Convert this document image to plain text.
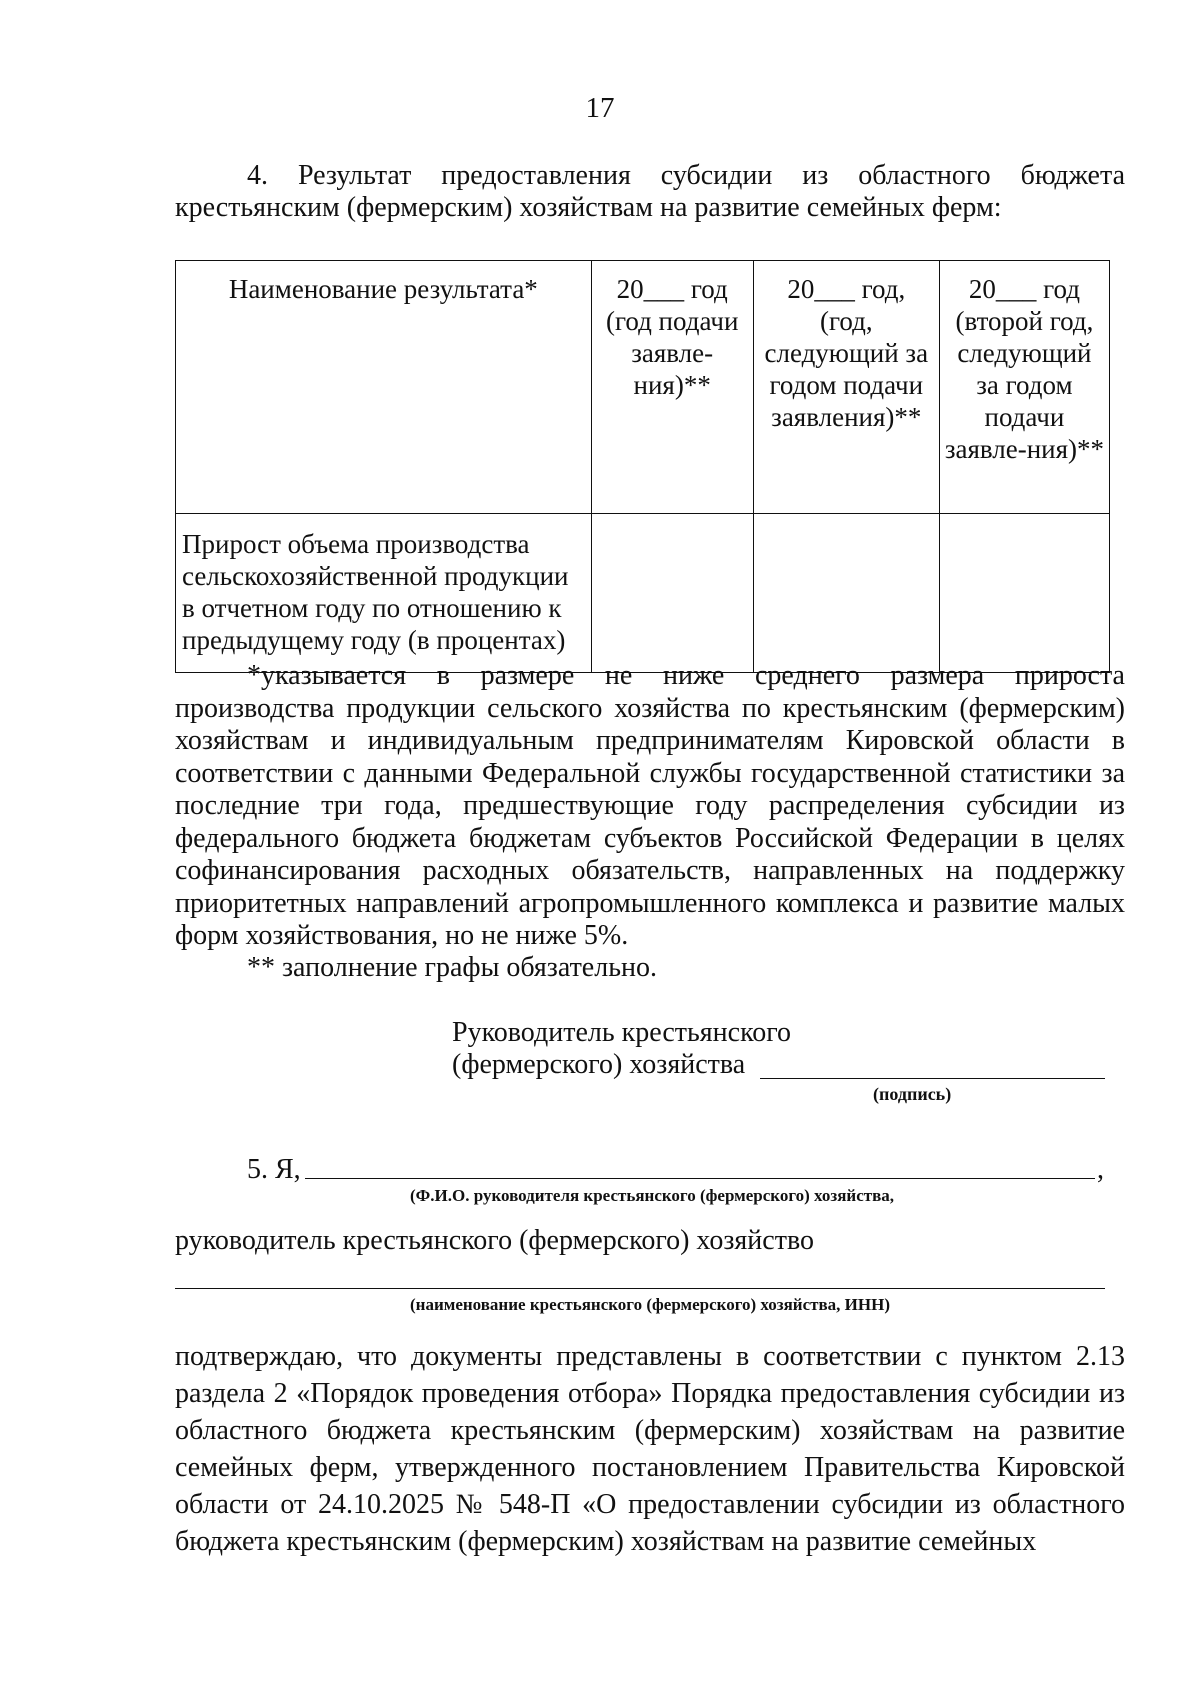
17
4. Результат предоставления субсидии из областного бюджета крестьянским (фермерским) хозяйствам на развитие семейных ферм:
Наименование результата*	20___ год (год подачи заявле-ния)**	20___ год, (год, следующий за годом подачи заявления)**	20___ год (второй год, следующий за годом подачи заявле-ния)**
Прирост объема производства сельскохозяйственной продукции в отчетном году по отношению к предыдущему году (в процентах)			
*указывается в размере не ниже среднего размера прироста производства продукции сельского хозяйства по крестьянским (фермерским) хозяйствам и индивидуальным предпринимателям Кировской области в соответствии с данными Федеральной службы государственной статистики за последние три года, предшествующие году распределения субсидии из федерального бюджета бюджетам субъектов Российской Федерации в целях софинансирования расходных обязательств, направленных на поддержку приоритетных направлений агропромышленного комплекса и развитие малых форм хозяйствования, но не ниже 5%.
** заполнение графы обязательно.
Руководитель крестьянского
(фермерского) хозяйства
(подпись)
5. Я,	,
(Ф.И.О. руководителя крестьянского (фермерского) хозяйства,
руководитель крестьянского (фермерского) хозяйство
(наименование крестьянского (фермерского) хозяйства, ИНН)
подтверждаю, что документы представлены в соответствии с пунктом 2.13 раздела 2 «Порядок проведения отбора» Порядка предоставления субсидии из областного бюджета крестьянским (фермерским) хозяйствам на развитие семейных ферм, утвержденного постановлением Правительства Кировской области от 24.10.2025 № 548-П «О предоставлении субсидии из областного бюджета крестьянским (фермерским) хозяйствам на развитие семейных
